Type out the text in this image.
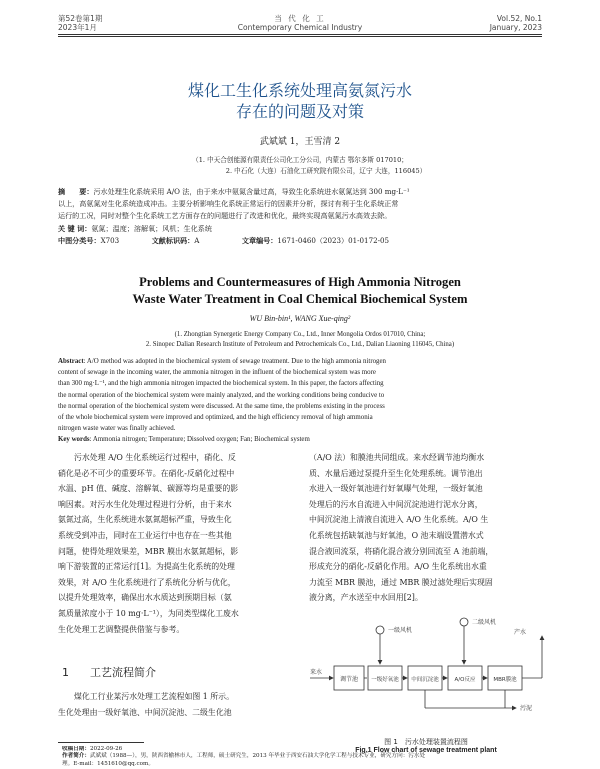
第52卷第1期
2023年1月
当 代 化 工
Contemporary Chemical Industry
Vol.52, No.1
January, 2023
煤化工生化系统处理高氨氮污水
存在的问题及对策
武斌斌 1，王雪清 2
（1. 中天合创能源有限责任公司化工分公司，内蒙古 鄂尔多斯 017010；
2. 中石化（大连）石油化工研究院有限公司，辽宁 大连，116045）
摘　　要：污水处理生化系统采用 A/O 法，由于来水中氨氮含量过高，导致生化系统进水氨氮达到 300 mg·L⁻¹
以上，高氨氮对生化系统造成冲击。主要分析影响生化系统正常运行的因素并分析，探讨有利于生化系统正常
运行的工况，同时对整个生化系统工艺方面存在的问题进行了改进和优化，最终实现高氨氮污水高效去除。
关 键 词：氨氮；温度；溶解氧；风机；生化系统
中图分类号：X703	文献标识码：A	文章编号：1671-0460（2023）01-0172-05
Problems and Countermeasures of High Ammonia Nitrogen
Waste Water Treatment in Coal Chemical Biochemical System
WU Bin-bin¹, WANG Xue-qing²
(1. Zhongtian Synergetic Energy Company Co., Ltd., Inner Mongolia Ordos 017010, China;
2. Sinopec Dalian Research Institute of Petroleum and Petrochemicals Co., Ltd., Dalian Liaoning 116045, China)
Abstract: A/O method was adopted in the biochemical system of sewage treatment. Due to the high ammonia nitrogen
content of sewage in the incoming water, the ammonia nitrogen in the influent of the biochemical system was more
than 300 mg·L⁻¹, and the high ammonia nitrogen impacted the biochemical system. In this paper, the factors affecting
the normal operation of the biochemical system were mainly analyzed, and the working conditions being conducive to
the normal operation of the biochemical system were discussed. At the same time, the problems existing in the process
of the whole biochemical system were improved and optimized, and the high efficiency removal of high ammonia
nitrogen waste water was finally achieved.
Key words: Ammonia nitrogen; Temperature; Dissolved oxygen; Fan; Biochemical system
污水处理 A/O 生化系统运行过程中，硝化、反
硝化是必不可少的重要环节。在硝化-反硝化过程中
水温、pH 值、碱度、溶解氧、碳源等均是重要的影
响因素。对污水生化处理过程进行分析，由于来水
氨氮过高，生化系统进水氨氮超标严重，导致生化
系统受到冲击，同时在工业运行中也存在一些其他
问题，使得处理效果差，MBR 膜出水氨氮超标，影
响下游装置的正常运行[1]。为提高生化系统的处理
效果，对 A/O 生化系统进行了系统化分析与优化，
以提升处理效率，确保出水水质达到预期目标（氨
氮质量浓度小于 10 mg·L⁻¹），为同类型煤化工废水
生化处理工艺调整提供借鉴与参考。
1 工艺流程简介
煤化工行业某污水处理工艺流程如图 1 所示。
生化处理由一级好氧池、中间沉淀池、二级生化池
（A/O 法）和膜池共同组成。来水经调节池均衡水
质、水量后通过泵提升至生化处理系统。调节池出
水进入一级好氧池进行好氧曝气处理，一级好氧池
处理后的污水自流进入中间沉淀池进行泥水分离，
中间沉淀池上清液自流进入 A/O 生化系统。A/O 生
化系统包括缺氧池与好氧池，O 池末端设置潜水式
混合液回流泵，将硝化混合液分别回流至 A 池前端，
形成充分的硝化-反硝化作用。A/O 生化系统出水重
力流至 MBR 膜池，通过 MBR 膜过滤处理后实现固
液分离，产水送至中水回用[2]。
一级风机
二级风机
调节池 一级好氧池 中间沉淀池	A/O反应	MBR膜池
来水
产水
污泥
图 1　污水处理装置流程图
Fig.1 Flow chart of sewage treatment plant
收稿日期：2022-09-26
作者简介：武斌斌（1988—），男，陕西省榆林市人，工程师，硕士研究生，2013 年毕业于西安石油大学化学工程与技术专业，研究方向：污水处
理。E-mail：1451610@qq.com。
